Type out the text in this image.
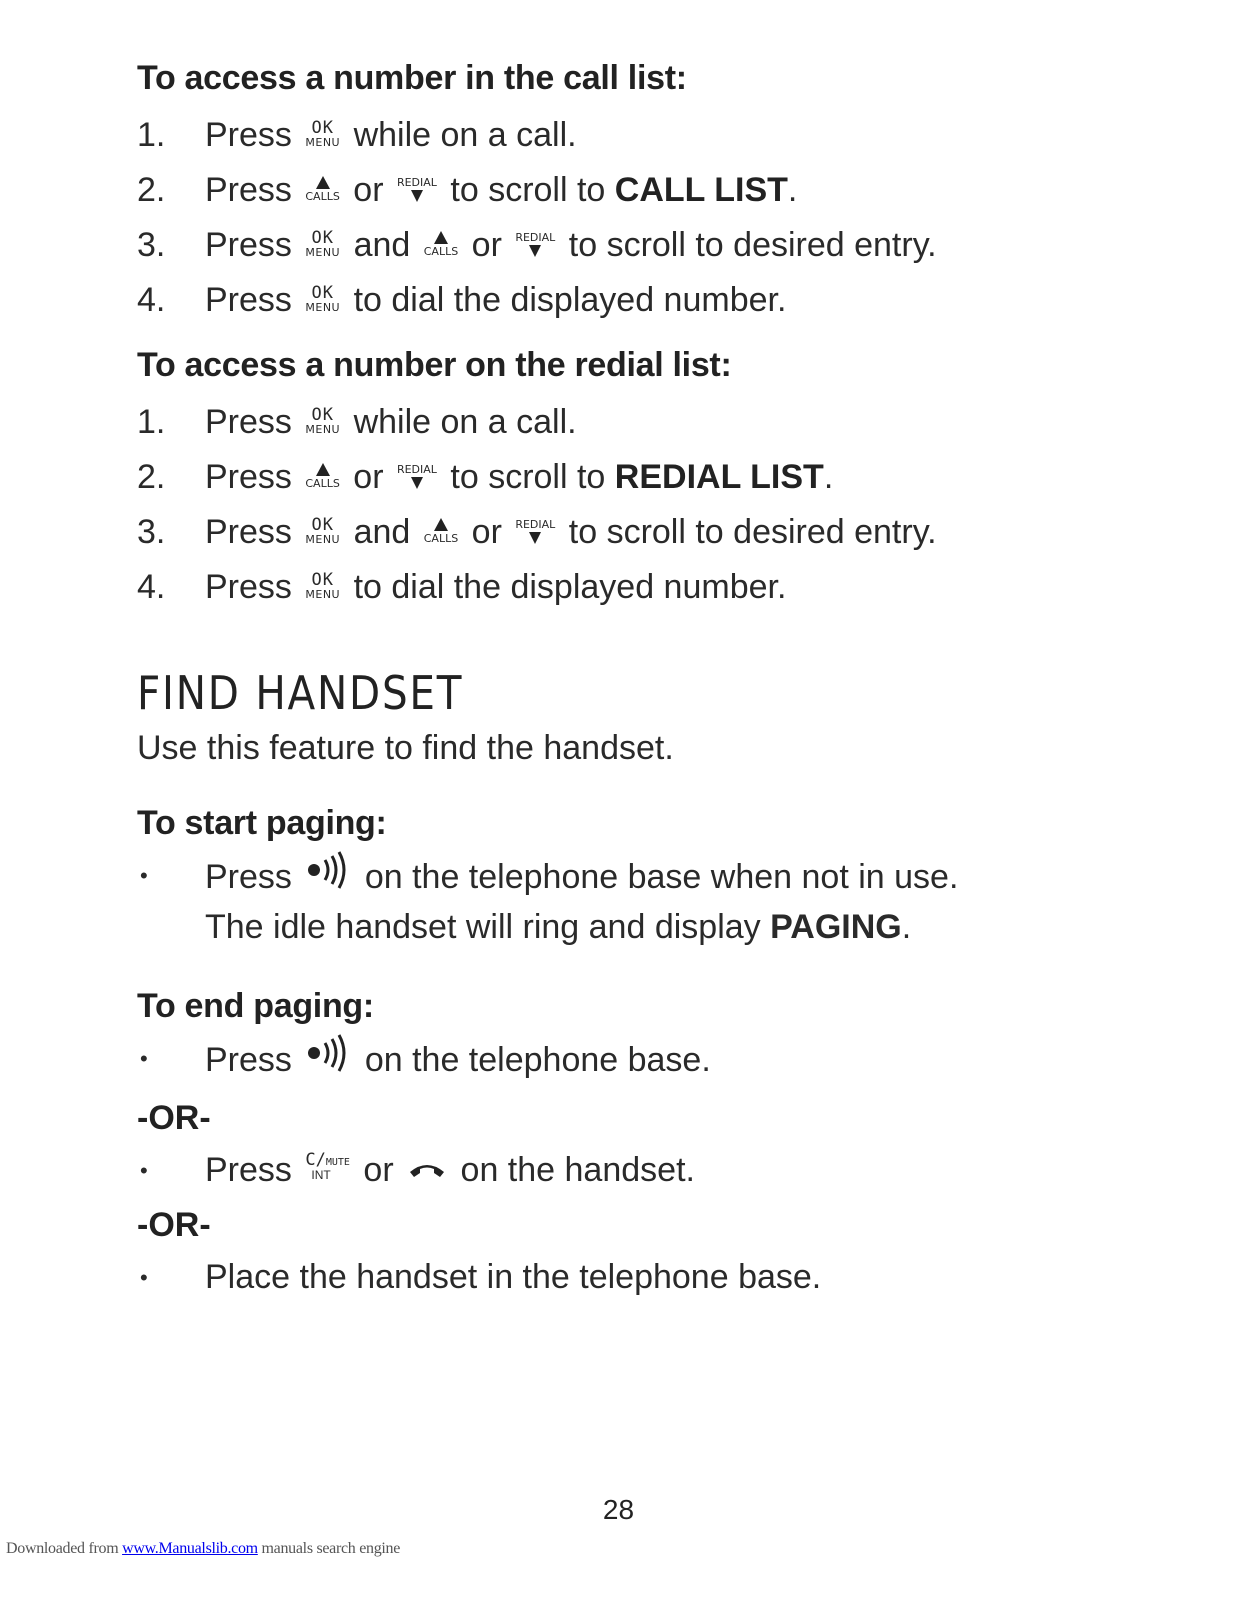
To access a number in the call list:
1. Press OK
MENU while on a call.
2. Press CALLS or REDIAL to scroll to CALL LIST.
3. Press OK
MENU and CALLS or REDIAL to scroll to desired entry.
4. Press OK
MENU to dial the displayed number.
To access a number on the redial list:
1. Press OK
MENU while on a call.
2. Press CALLS or REDIAL to scroll to REDIAL LIST.
3. Press OK
MENU and CALLS or REDIAL to scroll to desired entry.
4. Press OK
MENU to dial the displayed number.
FIND HANDSET
Use this feature to find the handset.
To start paging:
• Press on the telephone base when not in use.
The idle handset will ring and display PAGING.
To end paging:
• Press on the telephone base.
-OR-
• Press C/MUTE
INT or on the handset.
-OR-
• Place the handset in the telephone base.
28
Downloaded from www.Manualslib.com manuals search engine
